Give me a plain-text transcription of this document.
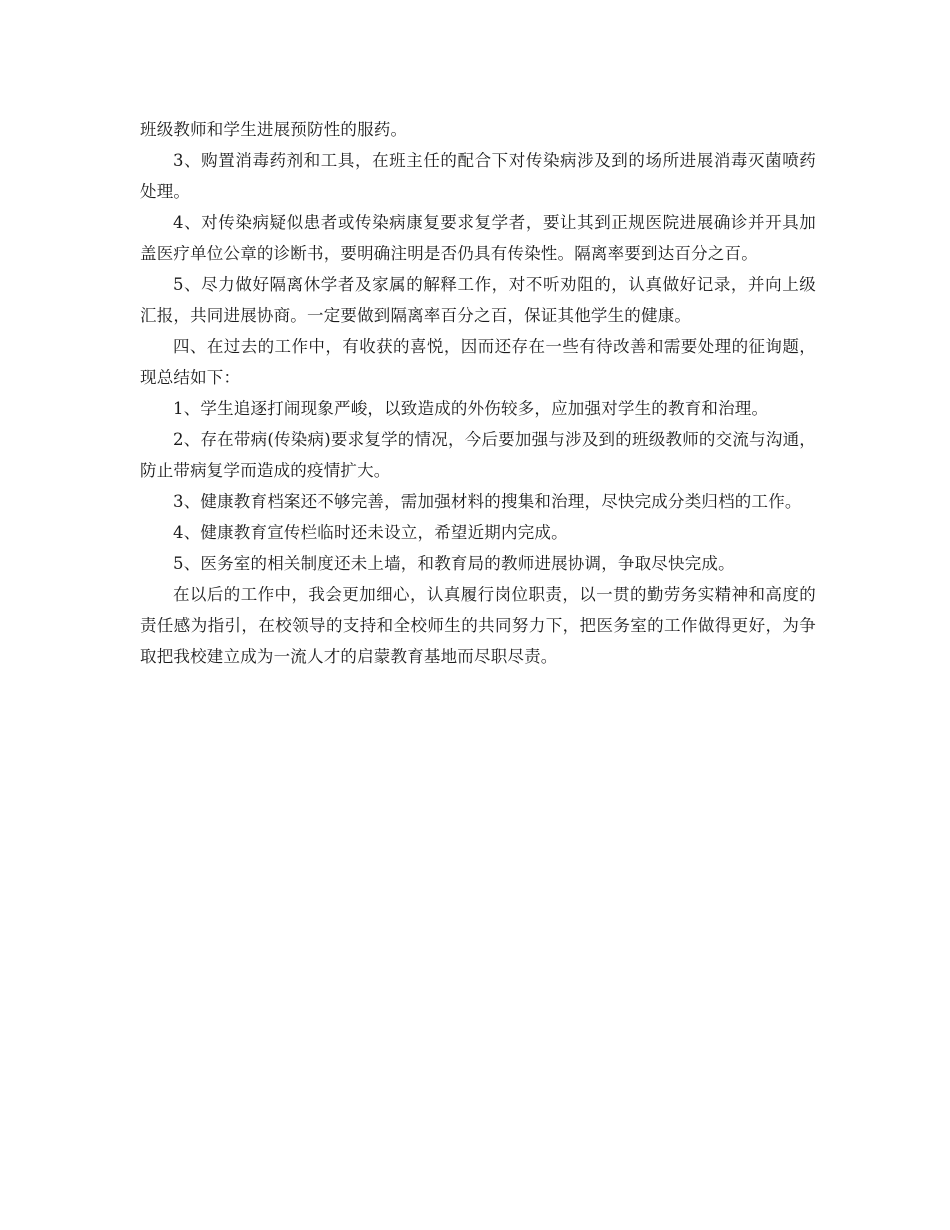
班级教师和学生进展预防性的服药。

3、购置消毒药剂和工具，在班主任的配合下对传染病涉及到的场所进展消毒灭菌喷药处理。

4、对传染病疑似患者或传染病康复要求复学者，要让其到正规医院进展确诊并开具加盖医疗单位公章的诊断书，要明确注明是否仍具有传染性。隔离率要到达百分之百。

5、尽力做好隔离休学者及家属的解释工作，对不听劝阻的，认真做好记录，并向上级汇报，共同进展协商。一定要做到隔离率百分之百，保证其他学生的健康。

四、在过去的工作中，有收获的喜悦，因而还存在一些有待改善和需要处理的征询题，现总结如下：

1、学生追逐打闹现象严峻，以致造成的外伤较多，应加强对学生的教育和治理。

2、存在带病(传染病)要求复学的情况，今后要加强与涉及到的班级教师的交流与沟通，防止带病复学而造成的疫情扩大。

3、健康教育档案还不够完善，需加强材料的搜集和治理，尽快完成分类归档的工作。

4、健康教育宣传栏临时还未设立，希望近期内完成。

5、医务室的相关制度还未上墙，和教育局的教师进展协调，争取尽快完成。

在以后的工作中，我会更加细心，认真履行岗位职责，以一贯的勤劳务实精神和高度的责任感为指引，在校领导的支持和全校师生的共同努力下，把医务室的工作做得更好，为争取把我校建立成为一流人才的启蒙教育基地而尽职尽责。
